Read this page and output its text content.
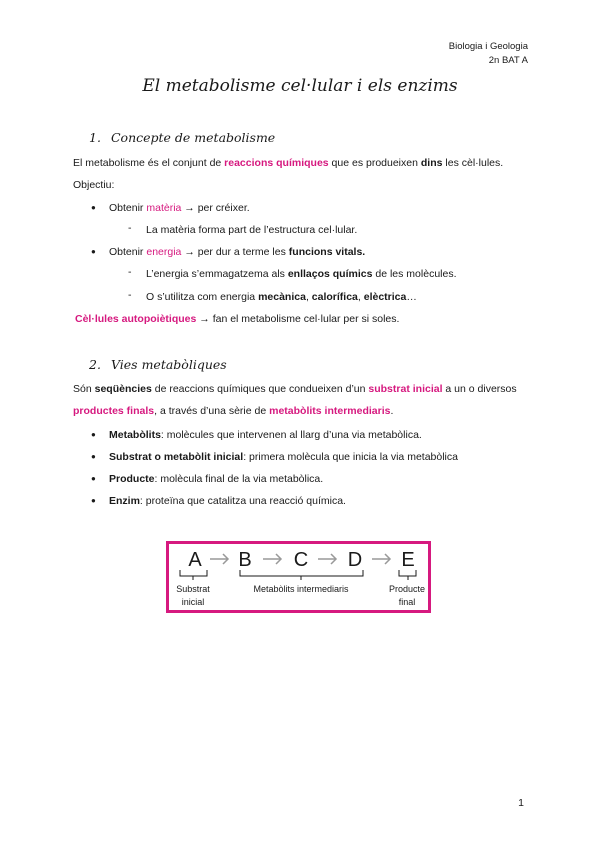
Biologia i Geologia
2n BAT A
El metabolisme cel·lular i els enzims
1. Concepte de metabolisme
El metabolisme és el conjunt de reaccions químiques que es produeixen dins les cèl·lules.
Objectiu:
● Obtenir matèria → per créixer.
- La matèria forma part de l’estructura cel·lular.
● Obtenir energia → per dur a terme les funcions vitals.
- L’energia s’emmagatzema als enllaços químics de les molècules.
- O s’utilitza com energia mecànica, calorífica, elèctrica…
Cèl·lules autopoiètiques → fan el metabolisme cel·lular per si soles.
2. Vies metabòliques
Són seqüències de reaccions químiques que condueixen d’un substrat inicial a un o diversos
productes finals, a través d’una sèrie de metabòlits intermediaris.
● Metabòlits: molècules que intervenen al llarg d’una via metabòlica.
● Substrat o metabòlit inicial: primera molècula que inicia la via metabòlica
● Producte: molècula final de la via metabòlica.
● Enzim: proteïna que catalitza una reacció química.
A B C D E
Substrat
inicial
Metabòlits intermediaris	Producte
final
1
